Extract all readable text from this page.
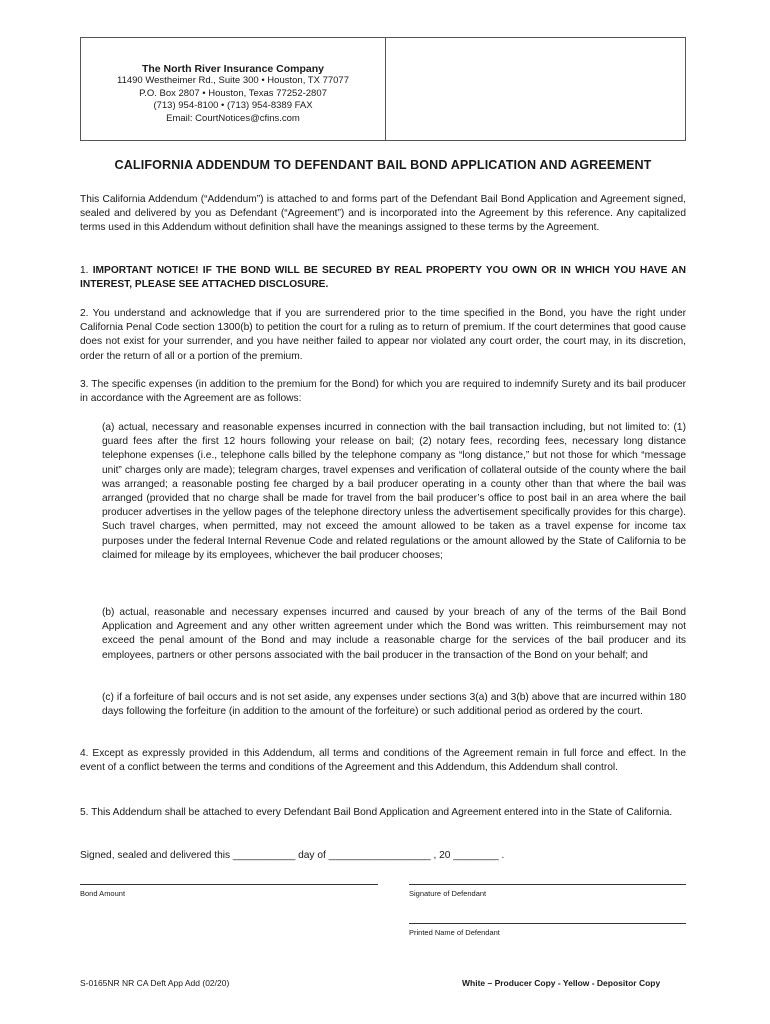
The North River Insurance Company
11490 Westheimer Rd., Suite 300 • Houston, TX 77077
P.O. Box 2807 • Houston, Texas 77252-2807
(713) 954-8100 • (713) 954-8389 FAX
Email: CourtNotices@cfins.com
CALIFORNIA ADDENDUM TO DEFENDANT BAIL BOND APPLICATION AND AGREEMENT

This California Addendum (“Addendum”) is attached to and forms part of the Defendant Bail Bond Application and Agreement signed, sealed and delivered by you as Defendant (“Agreement”) and is incorporated into the Agreement by this reference. Any capitalized terms used in this Addendum without definition shall have the meanings assigned to these terms by the Agreement.

1. IMPORTANT NOTICE! IF THE BOND WILL BE SECURED BY REAL PROPERTY YOU OWN OR IN WHICH YOU HAVE AN INTEREST, PLEASE SEE ATTACHED DISCLOSURE.

2. You understand and acknowledge that if you are surrendered prior to the time specified in the Bond, you have the right under California Penal Code section 1300(b) to petition the court for a ruling as to return of premium. If the court determines that good cause does not exist for your surrender, and you have neither failed to appear nor violated any court order, the court may, in its discretion, order the return of all or a portion of the premium.

3. The specific expenses (in addition to the premium for the Bond) for which you are required to indemnify Surety and its bail producer in accordance with the Agreement are as follows:

(a) actual, necessary and reasonable expenses incurred in connection with the bail transaction including, but not limited to: (1) guard fees after the first 12 hours following your release on bail; (2) notary fees, recording fees, necessary long distance telephone expenses (i.e., telephone calls billed by the telephone company as “long distance,” but not those for which “message unit” charges only are made); telegram charges, travel expenses and verification of collateral outside of the county where the bail was arranged; a reasonable posting fee charged by a bail producer operating in a county other than that where the bail was arranged (provided that no charge shall be made for travel from the bail producer’s office to post bail in an area where the bail producer advertises in the yellow pages of the telephone directory unless the advertisement specifically provides for this charge). Such travel charges, when permitted, may not exceed the amount allowed to be taken as a travel expense for income tax purposes under the federal Internal Revenue Code and related regulations or the amount allowed by the State of California to be claimed for mileage by its employees, whichever the bail producer chooses;

(b) actual, reasonable and necessary expenses incurred and caused by your breach of any of the terms of the Bail Bond Application and Agreement and any other written agreement under which the Bond was written. This reimbursement may not exceed the penal amount of the Bond and may include a reasonable charge for the services of the bail producer and its employees, partners or other persons associated with the bail producer in the transaction of the Bond on your behalf; and

(c) if a forfeiture of bail occurs and is not set aside, any expenses under sections 3(a) and 3(b) above that are incurred within 180 days following the forfeiture (in addition to the amount of the forfeiture) or such additional period as ordered by the court.

4. Except as expressly provided in this Addendum, all terms and conditions of the Agreement remain in full force and effect. In the event of a conflict between the terms and conditions of the Agreement and this Addendum, this Addendum shall control.

5. This Addendum shall be attached to every Defendant Bail Bond Application and Agreement entered into in the State of California.

Signed, sealed and delivered this ___________ day of __________________ , 20 ________ .

Bond Amount	Signature of Defendant
Printed Name of Defendant
S-0165NR NR CA Deft App Add (02/20)	White – Producer Copy - Yellow - Depositor Copy
